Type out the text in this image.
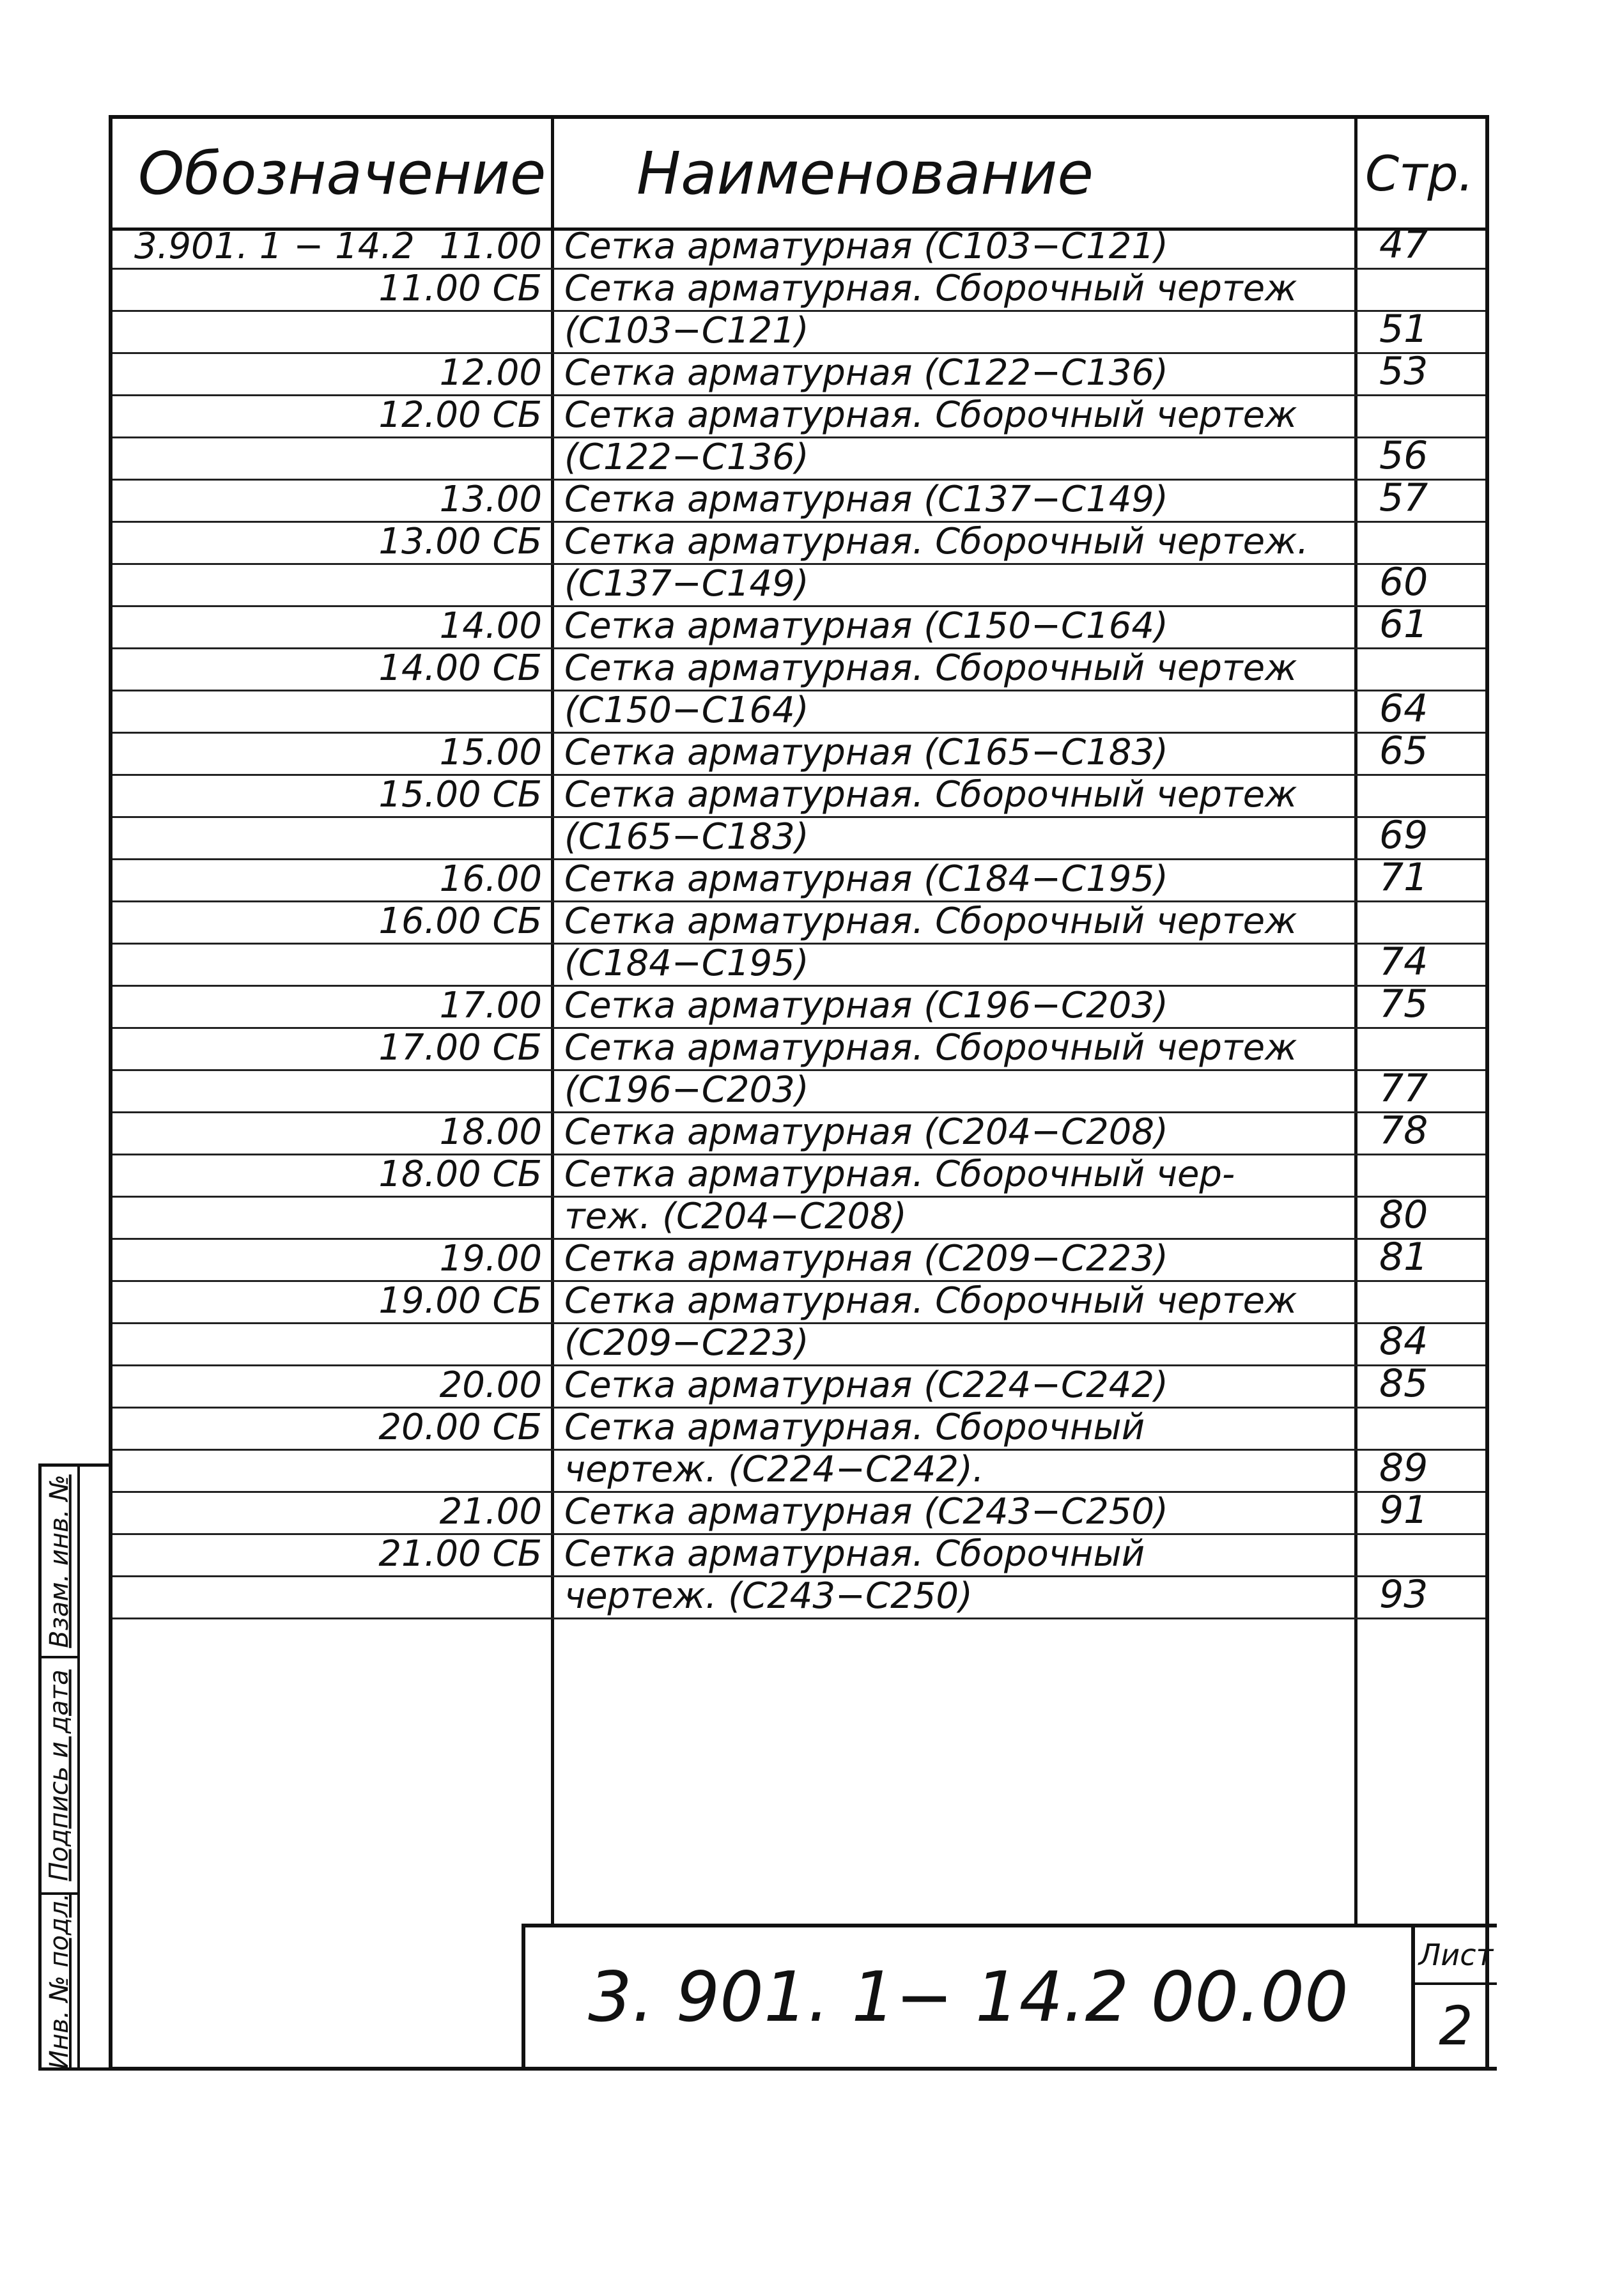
Обозначение Наименование	Стр.
3.901. 1 − 14.2 11.00 Сетка арматурная (С103−С121)	47
11.00 СБ Сетка арматурная. Сборочный чертеж
(С103−С121)	51
12.00 Сетка арматурная (С122−С136)	53
12.00 СБ Сетка арматурная. Сборочный чертеж
(С122−С136)	56
13.00 Сетка арматурная (С137−С149)	57
13.00 СБ Сетка арматурная. Сборочный чертеж.
(С137−С149)	60
14.00 Сетка арматурная (С150−С164)	61
14.00 СБ Сетка арматурная. Сборочный чертеж
(С150−С164)	64
15.00 Сетка арматурная (С165−С183)	65
15.00 СБ Сетка арматурная. Сборочный чертеж
(С165−С183)	69
16.00 Сетка арматурная (С184−С195)	71
16.00 СБ Сетка арматурная. Сборочный чертеж
(С184−С195)	74
17.00 Сетка арматурная (С196−С203)	75
17.00 СБ Сетка арматурная. Сборочный чертеж
(С196−С203)	77
18.00 Сетка арматурная (С204−С208)	78
18.00 СБ Сетка арматурная. Сборочный чер-
теж. (С204−С208)	80
19.00 Сетка арматурная (С209−С223)	81
19.00 СБ Сетка арматурная. Сборочный чертеж
(С209−С223)	84
20.00 Сетка арматурная (С224−С242)	85
20.00 СБ Сетка арматурная. Сборочный
чертеж. (С224−С242).	89
21.00 Сетка арматурная (С243−С250)	91
21.00 СБ Сетка арматурная. Сборочный
чертеж. (С243−С250)	93
3. 901. 1− 14.2 00.00
Лист
2
Взам. инв. №
Подпись и дата
Инв. № подл.
